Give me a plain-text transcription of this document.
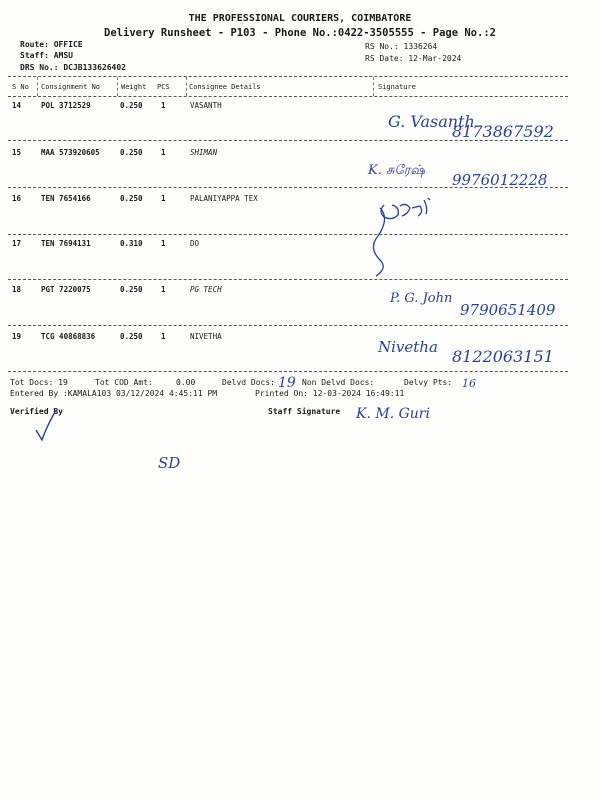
THE PROFESSIONAL COURIERS, COIMBATORE
Delivery Runsheet - P103 - Phone No.:0422-3505555 - Page No.:2
Route: OFFICE
Staff: AMSU
DRS No.: DCJB133626402
RS No.: 1336264
RS Date: 12-Mar-2024
S No Consignment No	Weight PCS	Consignee Details	Signature
14	POL 3712529	0.250 1	VASANTH
15	MAA 573920605	0.250 1	SHIMAN
16	TEN 7654166	0.250 1	PALANIYAPPA TEX
17	TEN 7694131	0.310 1	DO
18	PGT 7220075	0.250 1	PG TECH
19	TCG 40868836	0.250 1	NIVETHA
Tot Docs: 19	Tot COD Amt:	0.00	Delvd Docs:	Non Delvd Docs:	Delvy Pts:
Entered By :KAMALA103 03/12/2024 4:45:11 PM	Printed On: 12-03-2024 16:49:11
Verified By	Staff Signature
19	16
G. Vasanth
8173867592
K. சுரேஷ்
9976012228
P. G. John
9790651409
Nivetha 8122063151
K. M. Guri
SD
